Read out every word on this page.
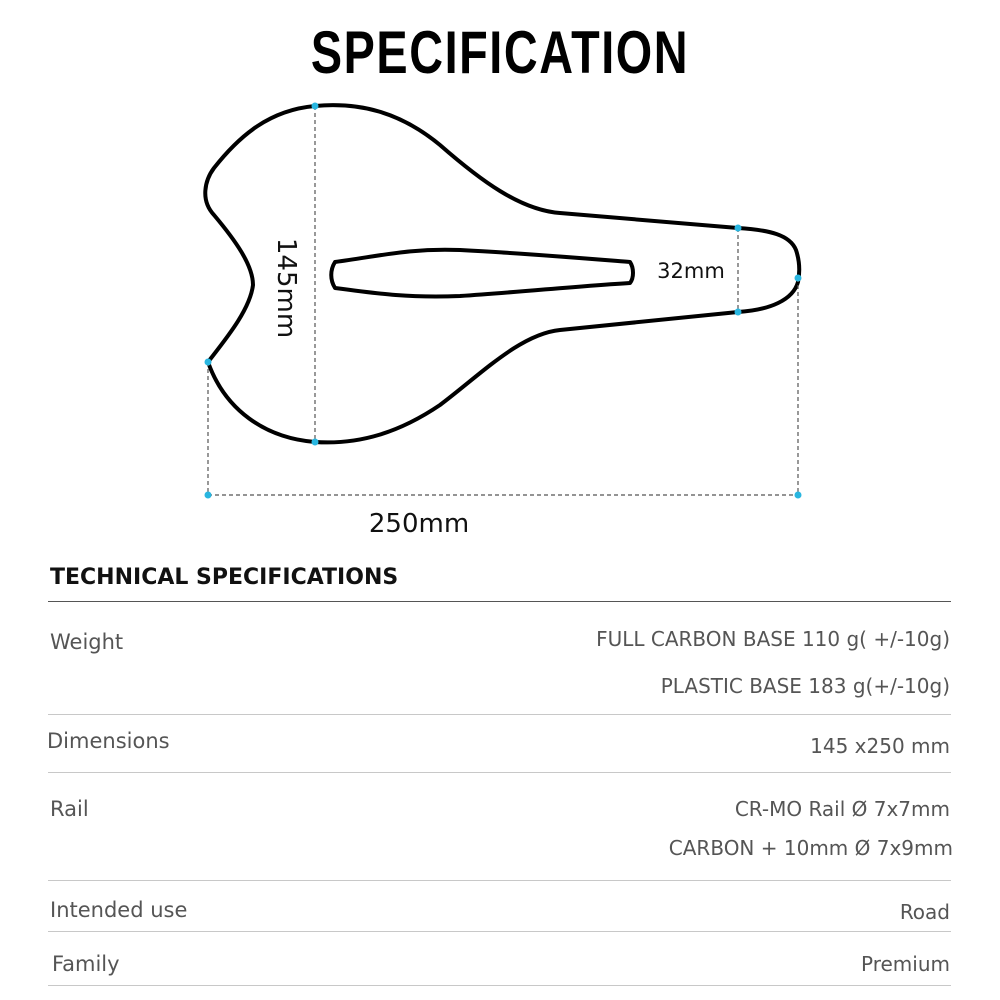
SPECIFICATION
145mm	32mm
250mm
TECHNICAL SPECIFICATIONS
Weight	FULL CARBON BASE 110 g( +/-10g)
PLASTIC BASE 183 g(+/-10g)
Dimensions	145 x250 mm
Rail	CR-MO Rail Ø 7x7mm
CARBON + 10mm Ø 7x9mm
Intended use	Road
Family	Premium
